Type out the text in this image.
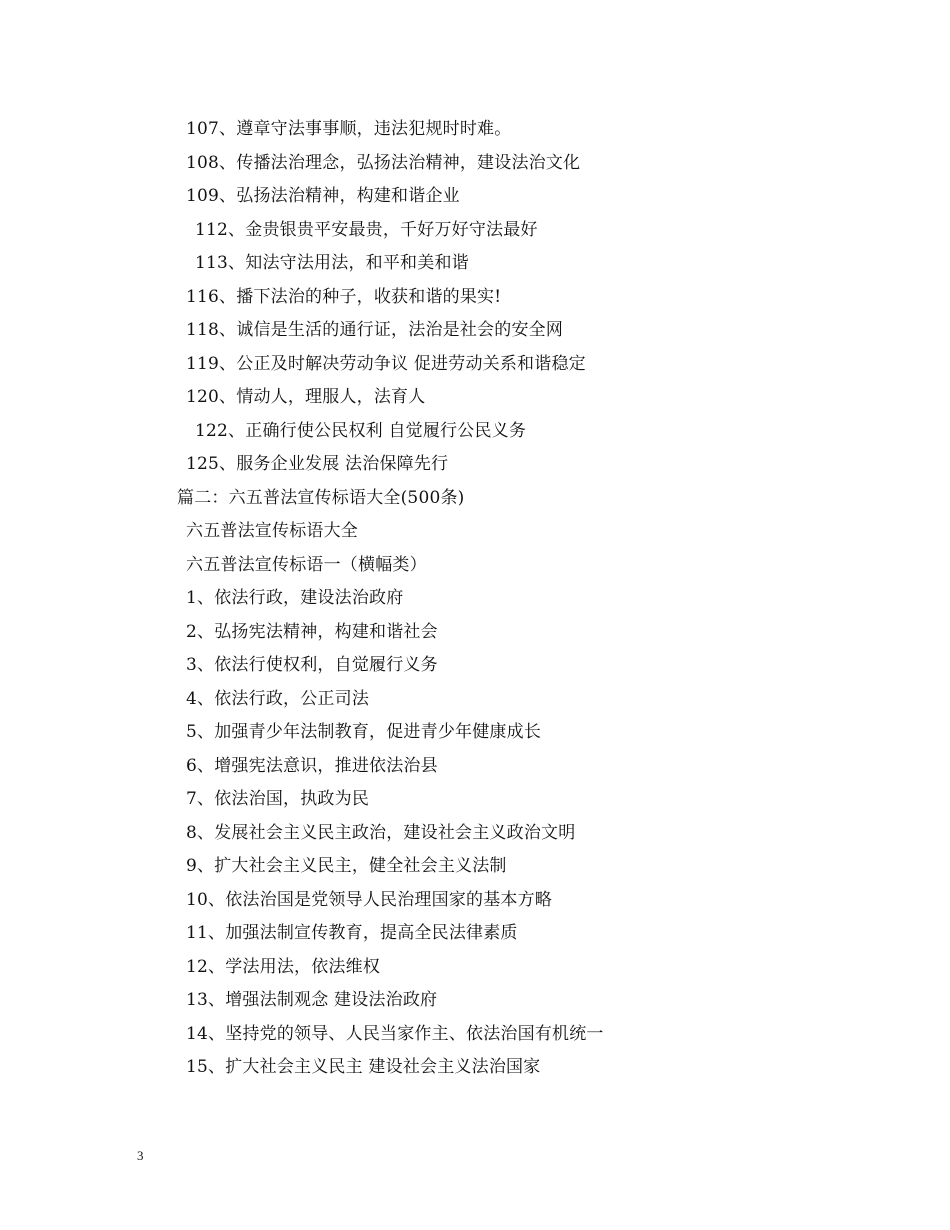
107、遵章守法事事顺，违法犯规时时难。
108、传播法治理念，弘扬法治精神，建设法治文化
109、弘扬法治精神，构建和谐企业
112、金贵银贵平安最贵，千好万好守法最好
113、知法守法用法，和平和美和谐
116、播下法治的种子，收获和谐的果实!
118、诚信是生活的通行证，法治是社会的安全网
119、公正及时解决劳动争议 促进劳动关系和谐稳定
120、情动人，理服人，法育人
122、正确行使公民权利 自觉履行公民义务
125、服务企业发展 法治保障先行
篇二：六五普法宣传标语大全(500条)
六五普法宣传标语大全
六五普法宣传标语一（横幅类）
1、依法行政，建设法治政府
2、弘扬宪法精神，构建和谐社会
3、依法行使权利，自觉履行义务
4、依法行政，公正司法
5、加强青少年法制教育，促进青少年健康成长
6、增强宪法意识，推进依法治县
7、依法治国，执政为民
8、发展社会主义民主政治，建设社会主义政治文明
9、扩大社会主义民主，健全社会主义法制
10、依法治国是党领导人民治理国家的基本方略
11、加强法制宣传教育，提高全民法律素质
12、学法用法，依法维权
13、增强法制观念 建设法治政府
14、坚持党的领导、人民当家作主、依法治国有机统一
15、扩大社会主义民主 建设社会主义法治国家
3
